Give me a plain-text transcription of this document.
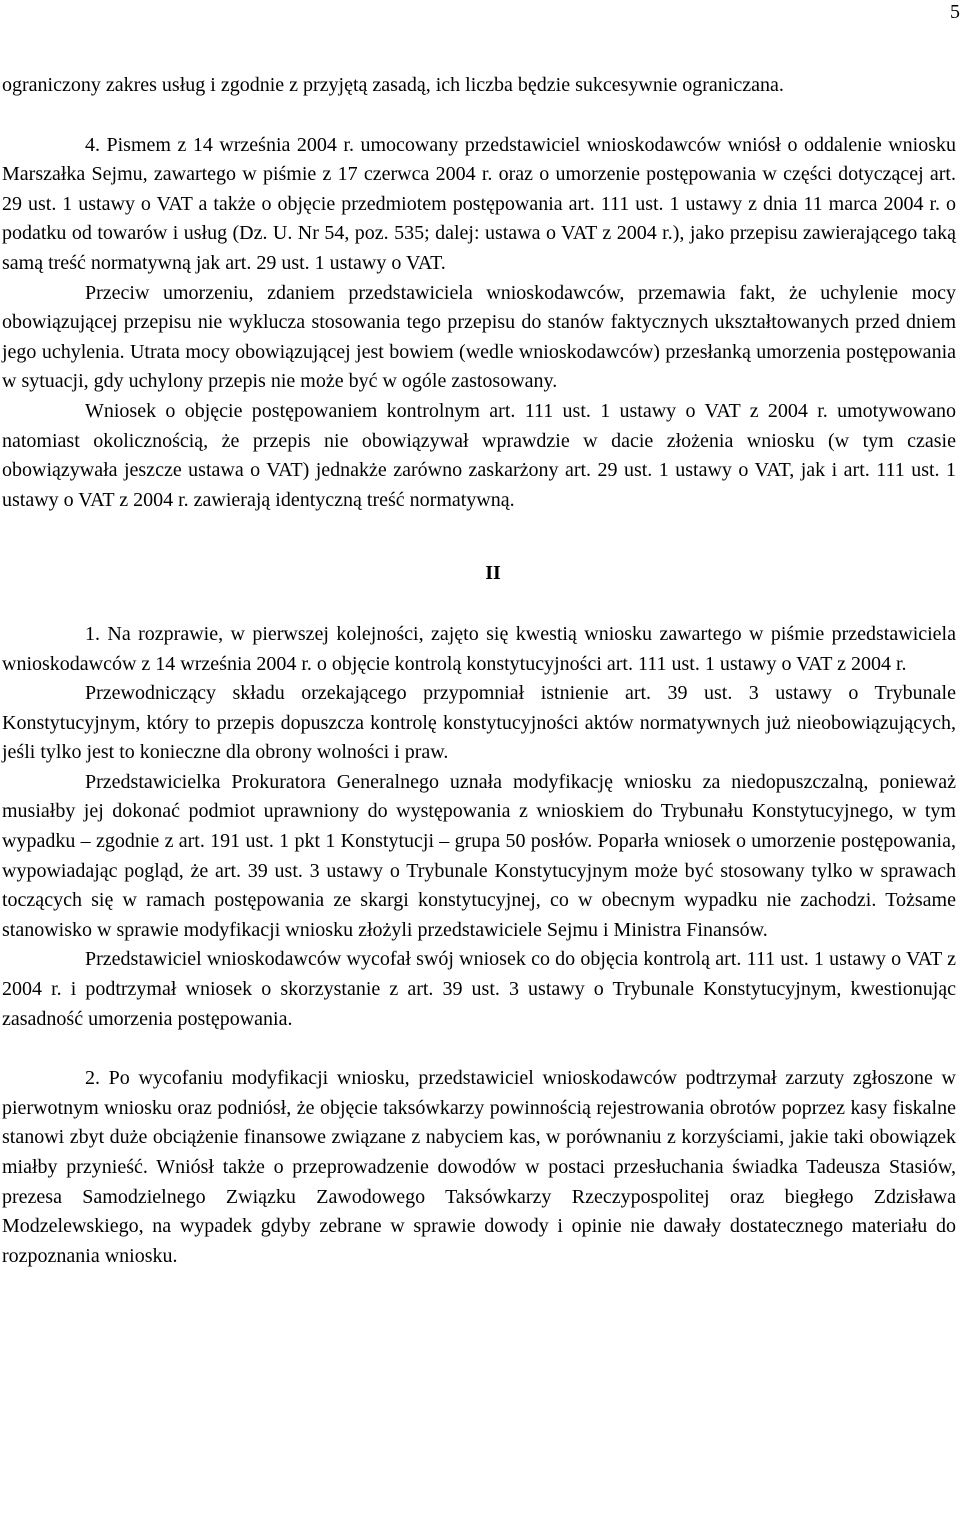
5

ograniczony zakres usług i zgodnie z przyjętą zasadą, ich liczba będzie sukcesywnie ograniczana.

4. Pismem z 14 września 2004 r. umocowany przedstawiciel wnioskodawców wniósł o oddalenie wniosku Marszałka Sejmu, zawartego w piśmie z 17 czerwca 2004 r. oraz o umorzenie postępowania w części dotyczącej art. 29 ust. 1 ustawy o VAT a także o objęcie przedmiotem postępowania art. 111 ust. 1 ustawy z dnia 11 marca 2004 r. o podatku od towarów i usług (Dz. U. Nr 54, poz. 535; dalej: ustawa o VAT z 2004 r.), jako przepisu zawierającego taką samą treść normatywną jak art. 29 ust. 1 ustawy o VAT.

Przeciw umorzeniu, zdaniem przedstawiciela wnioskodawców, przemawia fakt, że uchylenie mocy obowiązującej przepisu nie wyklucza stosowania tego przepisu do stanów faktycznych ukształtowanych przed dniem jego uchylenia. Utrata mocy obowiązującej jest bowiem (wedle wnioskodawców) przesłanką umorzenia postępowania w sytuacji, gdy uchylony przepis nie może być w ogóle zastosowany.

Wniosek o objęcie postępowaniem kontrolnym art. 111 ust. 1 ustawy o VAT z 2004 r. umotywowano natomiast okolicznością, że przepis nie obowiązywał wprawdzie w dacie złożenia wniosku (w tym czasie obowiązywała jeszcze ustawa o VAT) jednakże zarówno zaskarżony art. 29 ust. 1 ustawy o VAT, jak i art. 111 ust. 1 ustawy o VAT z 2004 r. zawierają identyczną treść normatywną.

II

1. Na rozprawie, w pierwszej kolejności, zajęto się kwestią wniosku zawartego w piśmie przedstawiciela wnioskodawców z 14 września 2004 r. o objęcie kontrolą konstytucyjności art. 111 ust. 1 ustawy o VAT z 2004 r.

Przewodniczący składu orzekającego przypomniał istnienie art. 39 ust. 3 ustawy o Trybunale Konstytucyjnym, który to przepis dopuszcza kontrolę konstytucyjności aktów normatywnych już nieobowiązujących, jeśli tylko jest to konieczne dla obrony wolności i praw.

Przedstawicielka Prokuratora Generalnego uznała modyfikację wniosku za niedopuszczalną, ponieważ musiałby jej dokonać podmiot uprawniony do występowania z wnioskiem do Trybunału Konstytucyjnego, w tym wypadku – zgodnie z art. 191 ust. 1 pkt 1 Konstytucji – grupa 50 posłów. Poparła wniosek o umorzenie postępowania, wypowiadając pogląd, że art. 39 ust. 3 ustawy o Trybunale Konstytucyjnym może być stosowany tylko w sprawach toczących się w ramach postępowania ze skargi konstytucyjnej, co w obecnym wypadku nie zachodzi. Tożsame stanowisko w sprawie modyfikacji wniosku złożyli przedstawiciele Sejmu i Ministra Finansów.

Przedstawiciel wnioskodawców wycofał swój wniosek co do objęcia kontrolą art. 111 ust. 1 ustawy o VAT z 2004 r. i podtrzymał wniosek o skorzystanie z art. 39 ust. 3 ustawy o Trybunale Konstytucyjnym, kwestionując zasadność umorzenia postępowania.

2. Po wycofaniu modyfikacji wniosku, przedstawiciel wnioskodawców podtrzymał zarzuty zgłoszone w pierwotnym wniosku oraz podniósł, że objęcie taksówkarzy powinnością rejestrowania obrotów poprzez kasy fiskalne stanowi zbyt duże obciążenie finansowe związane z nabyciem kas, w porównaniu z korzyściami, jakie taki obowiązek miałby przynieść. Wniósł także o przeprowadzenie dowodów w postaci przesłuchania świadka Tadeusza Stasiów, prezesa Samodzielnego Związku Zawodowego Taksówkarzy Rzeczypospolitej oraz biegłego Zdzisława Modzelewskiego, na wypadek gdyby zebrane w sprawie dowody i opinie nie dawały dostatecznego materiału do rozpoznania wniosku.
